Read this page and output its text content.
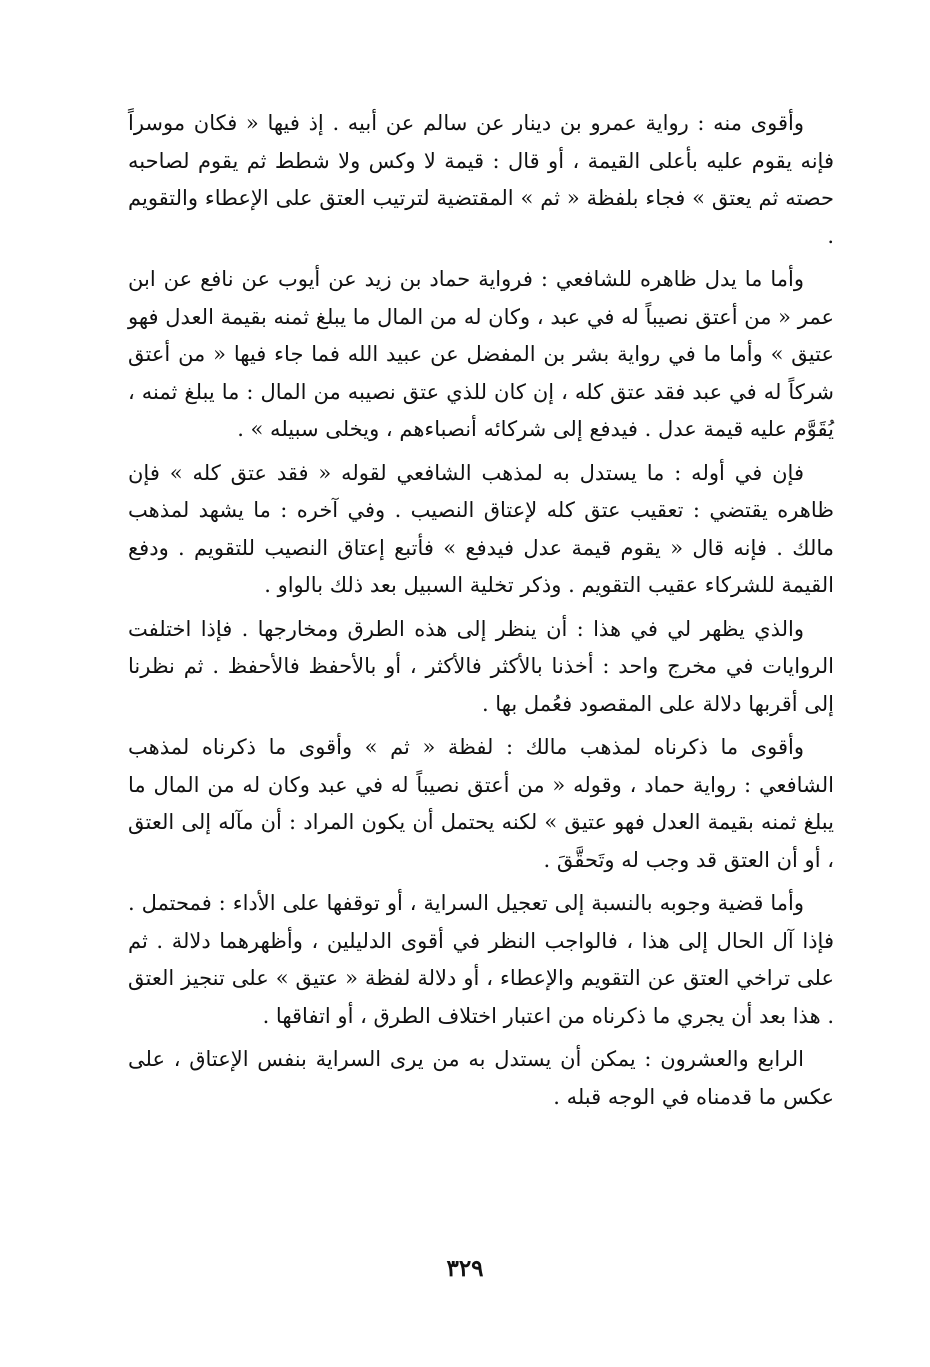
وأقوى منه : رواية عمرو بن دينار عن سالم عن أبيه . إذ فيها « فكان موسراً فإنه يقوم عليه بأعلى القيمة ، أو قال : قيمة لا وكس ولا شطط ثم يقوم لصاحبه حصته ثم يعتق » فجاء بلفظة « ثم » المقتضية لترتيب العتق على الإعطاء والتقويم .

وأما ما يدل ظاهره للشافعي : فرواية حماد بن زيد عن أيوب عن نافع عن ابن عمر « من أعتق نصيباً له في عبد ، وكان له من المال ما يبلغ ثمنه بقيمة العدل فهو عتيق » وأما ما في رواية بشر بن المفضل عن عبيد الله فما جاء فيها « من أعتق شركاً له في عبد فقد عتق كله ، إن كان للذي عتق نصيبه من المال : ما يبلغ ثمنه ، يُقَوَّم عليه قيمة عدل . فيدفع إلى شركائه أنصباءهم ، ويخلى سبيله » .

فإن في أوله : ما يستدل به لمذهب الشافعي لقوله « فقد عتق كله » فإن ظاهره يقتضي : تعقيب عتق كله لإعتاق النصيب . وفي آخره : ما يشهد لمذهب مالك . فإنه قال « يقوم قيمة عدل فيدفع » فأتبع إعتاق النصيب للتقويم . ودفع القيمة للشركاء عقيب التقويم . وذكر تخلية السبيل بعد ذلك بالواو .

والذي يظهر لي في هذا : أن ينظر إلى هذه الطرق ومخارجها . فإذا اختلفت الروايات في مخرج واحد : أخذنا بالأكثر فالأكثر ، أو بالأحفظ فالأحفظ . ثم نظرنا إلى أقربها دلالة على المقصود فعُمل بها .

وأقوى ما ذكرناه لمذهب مالك : لفظة « ثم » وأقوى ما ذكرناه لمذهب الشافعي : رواية حماد ، وقوله « من أعتق نصيباً له في عبد وكان له من المال ما يبلغ ثمنه بقيمة العدل فهو عتيق » لكنه يحتمل أن يكون المراد : أن مآله إلى العتق ، أو أن العتق قد وجب له وتَحقَّقَ .

وأما قضية وجوبه بالنسبة إلى تعجيل السراية ، أو توقفها على الأداء : فمحتمل . فإذا آل الحال إلى هذا ، فالواجب النظر في أقوى الدليلين ، وأظهرهما دلالة . ثم على تراخي العتق عن التقويم والإعطاء ، أو دلالة لفظة « عتيق » على تنجيز العتق . هذا بعد أن يجري ما ذكرناه من اعتبار اختلاف الطرق ، أو اتفاقها .

الرابع والعشرون : يمكن أن يستدل به من يرى السراية بنفس الإعتاق ، على عكس ما قدمناه في الوجه قبله .

٣٢٩
